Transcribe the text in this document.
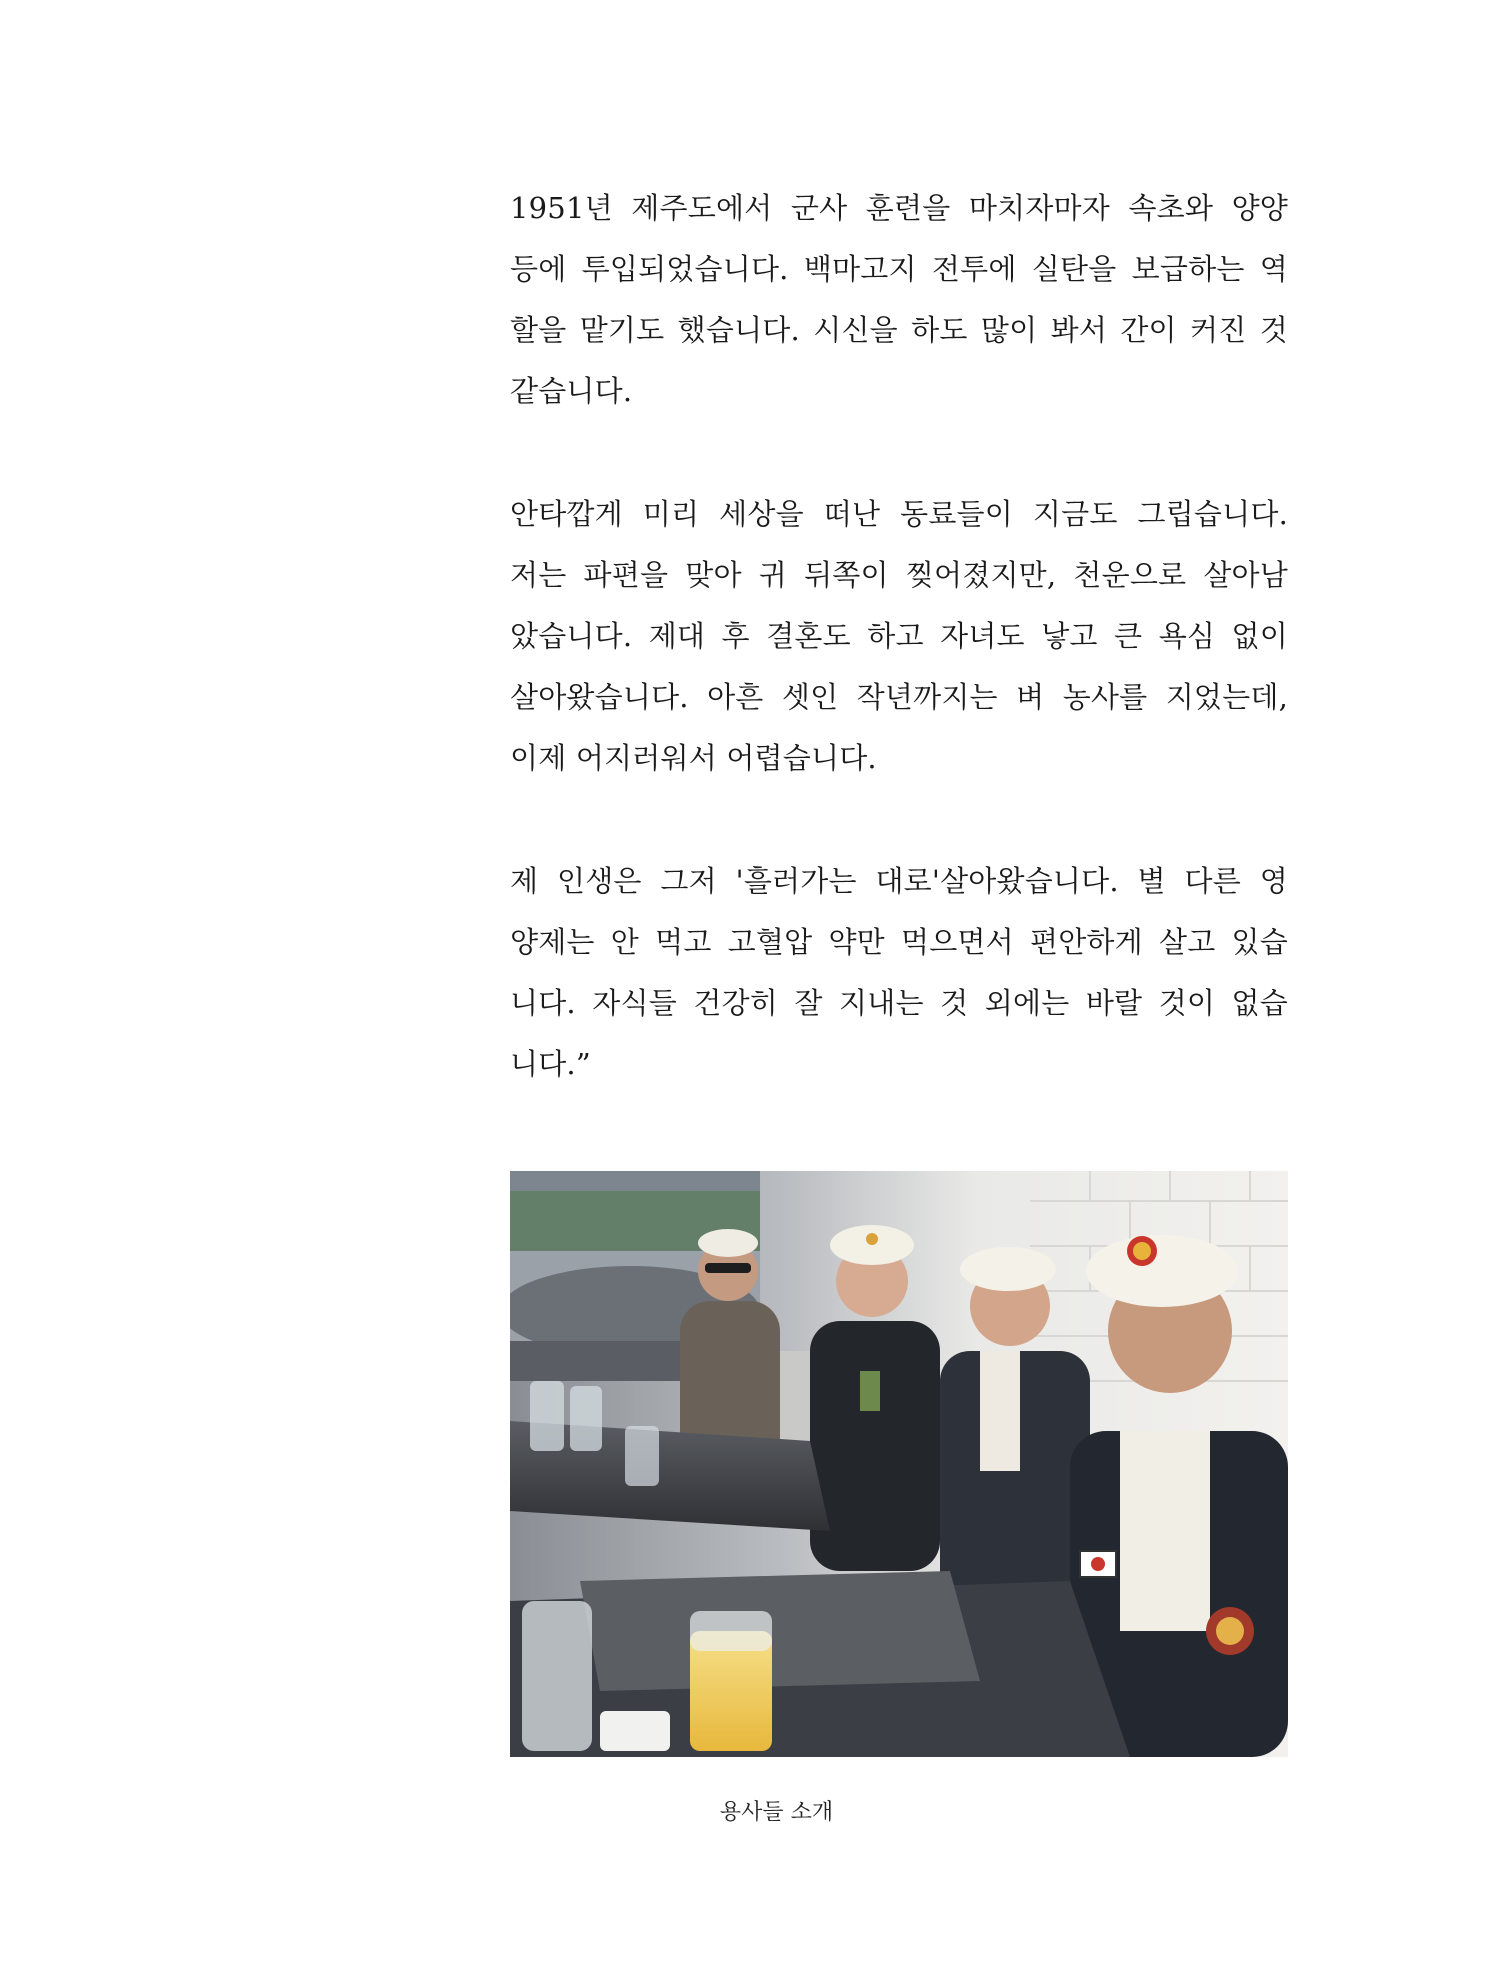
1951년 제주도에서 군사 훈련을 마치자마자 속초와 양양
등에 투입되었습니다. 백마고지 전투에 실탄을 보급하는 역
할을 맡기도 했습니다. 시신을 하도 많이 봐서 간이 커진 것
같습니다.

안타깝게 미리 세상을 떠난 동료들이 지금도 그립습니다.
저는 파편을 맞아 귀 뒤쪽이 찢어졌지만, 천운으로 살아남
았습니다. 제대 후 결혼도 하고 자녀도 낳고 큰 욕심 없이
살아왔습니다. 아흔 셋인 작년까지는 벼 농사를 지었는데,
이제 어지러워서 어렵습니다.

제 인생은 그저 '흘러가는 대로'살아왔습니다. 별 다른 영
양제는 안 먹고 고혈압 약만 먹으면서 편안하게 살고 있습
니다. 자식들 건강히 잘 지내는 것 외에는 바랄 것이 없습
니다.”

용사들 소개
